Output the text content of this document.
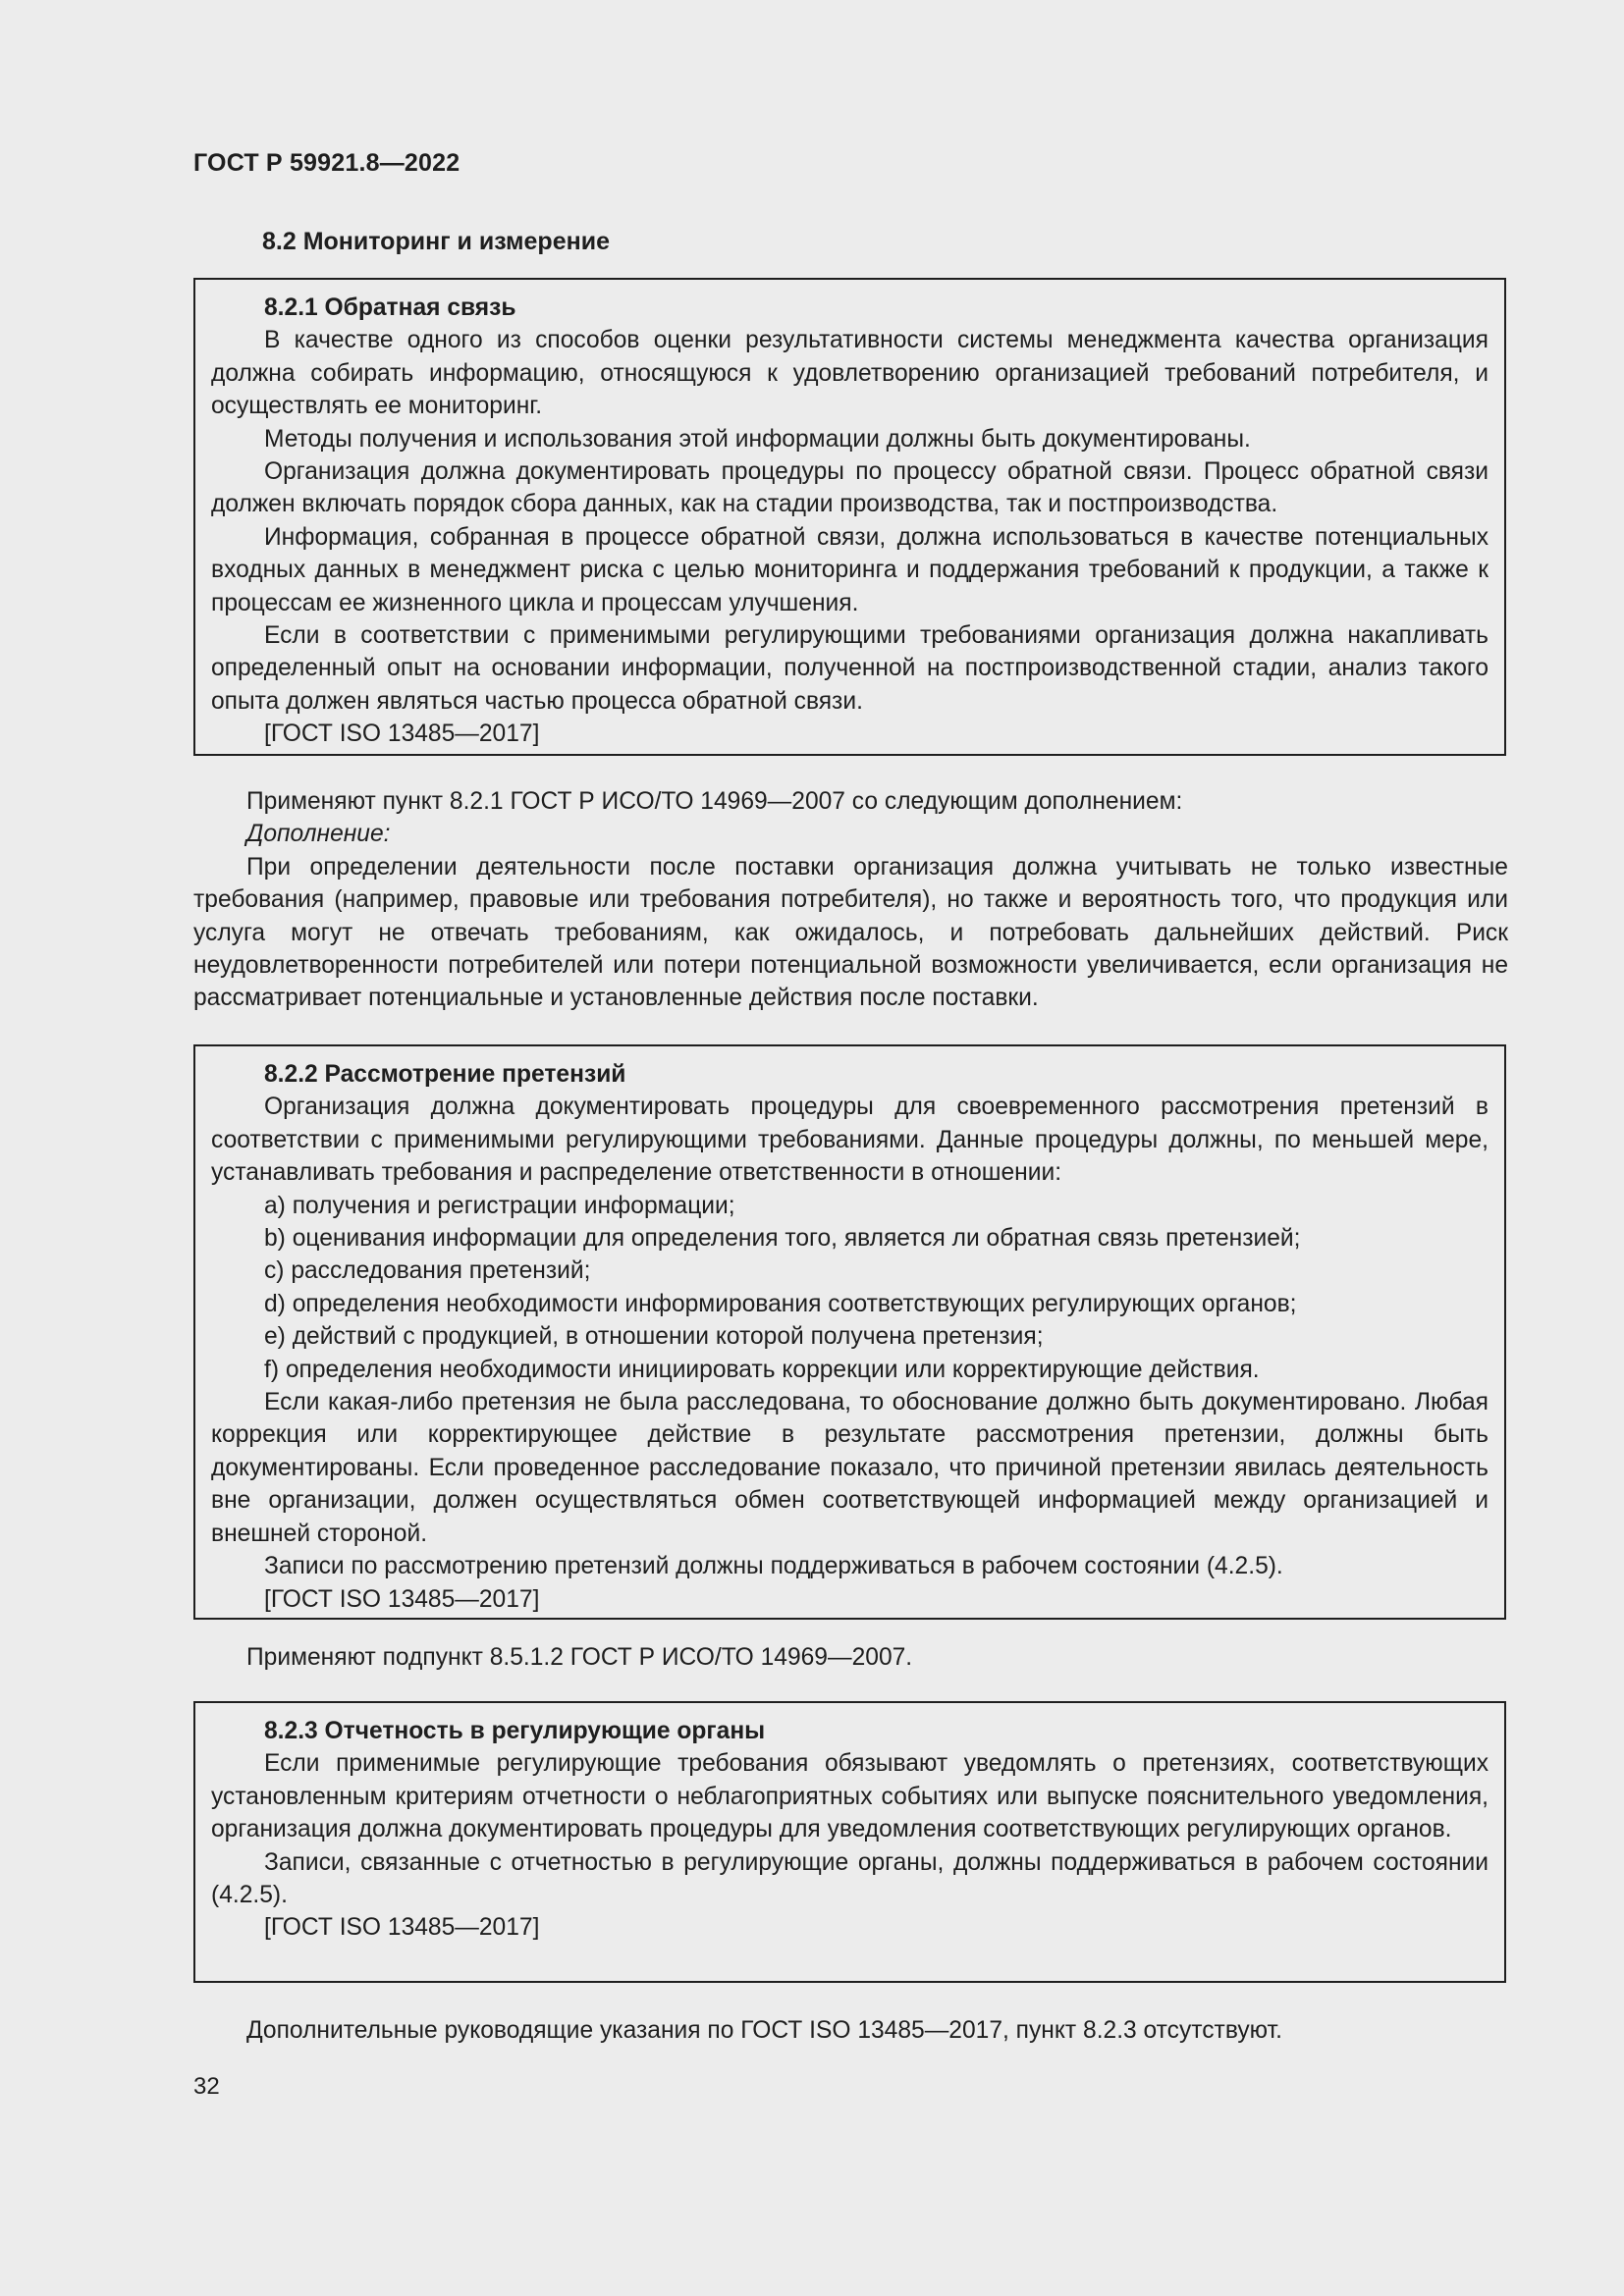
ГОСТ Р 59921.8—2022
8.2 Мониторинг и измерение

8.2.1 Обратная связь

В качестве одного из способов оценки результативности системы менеджмента качества организация должна собирать информацию, относящуюся к удовлетворению организацией требований потребителя, и осуществлять ее мониторинг.

Методы получения и использования этой информации должны быть документированы.

Организация должна документировать процедуры по процессу обратной связи. Процесс обратной связи должен включать порядок сбора данных, как на стадии производства, так и постпроизводства.

Информация, собранная в процессе обратной связи, должна использоваться в качестве потенциальных входных данных в менеджмент риска с целью мониторинга и поддержания требований к продукции, а также к процессам ее жизненного цикла и процессам улучшения.

Если в соответствии с применимыми регулирующими требованиями организация должна накапливать определенный опыт на основании информации, полученной на постпроизводственной стадии, анализ такого опыта должен являться частью процесса обратной связи.

[ГОСТ ISO 13485—2017]

Применяют пункт 8.2.1 ГОСТ Р ИСО/ТО 14969—2007 со следующим дополнением:

Дополнение:

При определении деятельности после поставки организация должна учитывать не только известные требования (например, правовые или требования потребителя), но также и вероятность того, что продукция или услуга могут не отвечать требованиям, как ожидалось, и потребовать дальнейших действий. Риск неудовлетворенности потребителей или потери потенциальной возможности увеличивается, если организация не рассматривает потенциальные и установленные действия после поставки.

8.2.2 Рассмотрение претензий

Организация должна документировать процедуры для своевременного рассмотрения претензий в соответствии с применимыми регулирующими требованиями. Данные процедуры должны, по меньшей мере, устанавливать требования и распределение ответственности в отношении:

a) получения и регистрации информации;

b) оценивания информации для определения того, является ли обратная связь претензией;

c) расследования претензий;

d) определения необходимости информирования соответствующих регулирующих органов;

e) действий с продукцией, в отношении которой получена претензия;

f) определения необходимости инициировать коррекции или корректирующие действия.

Если какая-либо претензия не была расследована, то обоснование должно быть документировано. Любая коррекция или корректирующее действие в результате рассмотрения претензии, должны быть документированы. Если проведенное расследование показало, что причиной претензии явилась деятельность вне организации, должен осуществляться обмен соответствующей информацией между организацией и внешней стороной.

Записи по рассмотрению претензий должны поддерживаться в рабочем состоянии (4.2.5).

[ГОСТ ISO 13485—2017]

Применяют подпункт 8.5.1.2 ГОСТ Р ИСО/ТО 14969—2007.

8.2.3 Отчетность в регулирующие органы

Если применимые регулирующие требования обязывают уведомлять о претензиях, соответствующих установленным критериям отчетности о неблагоприятных событиях или выпуске пояснительного уведомления, организация должна документировать процедуры для уведомления соответствующих регулирующих органов.

Записи, связанные с отчетностью в регулирующие органы, должны поддерживаться в рабочем состоянии (4.2.5).

[ГОСТ ISO 13485—2017]

Дополнительные руководящие указания по ГОСТ ISO 13485—2017, пункт 8.2.3 отсутствуют.

32
